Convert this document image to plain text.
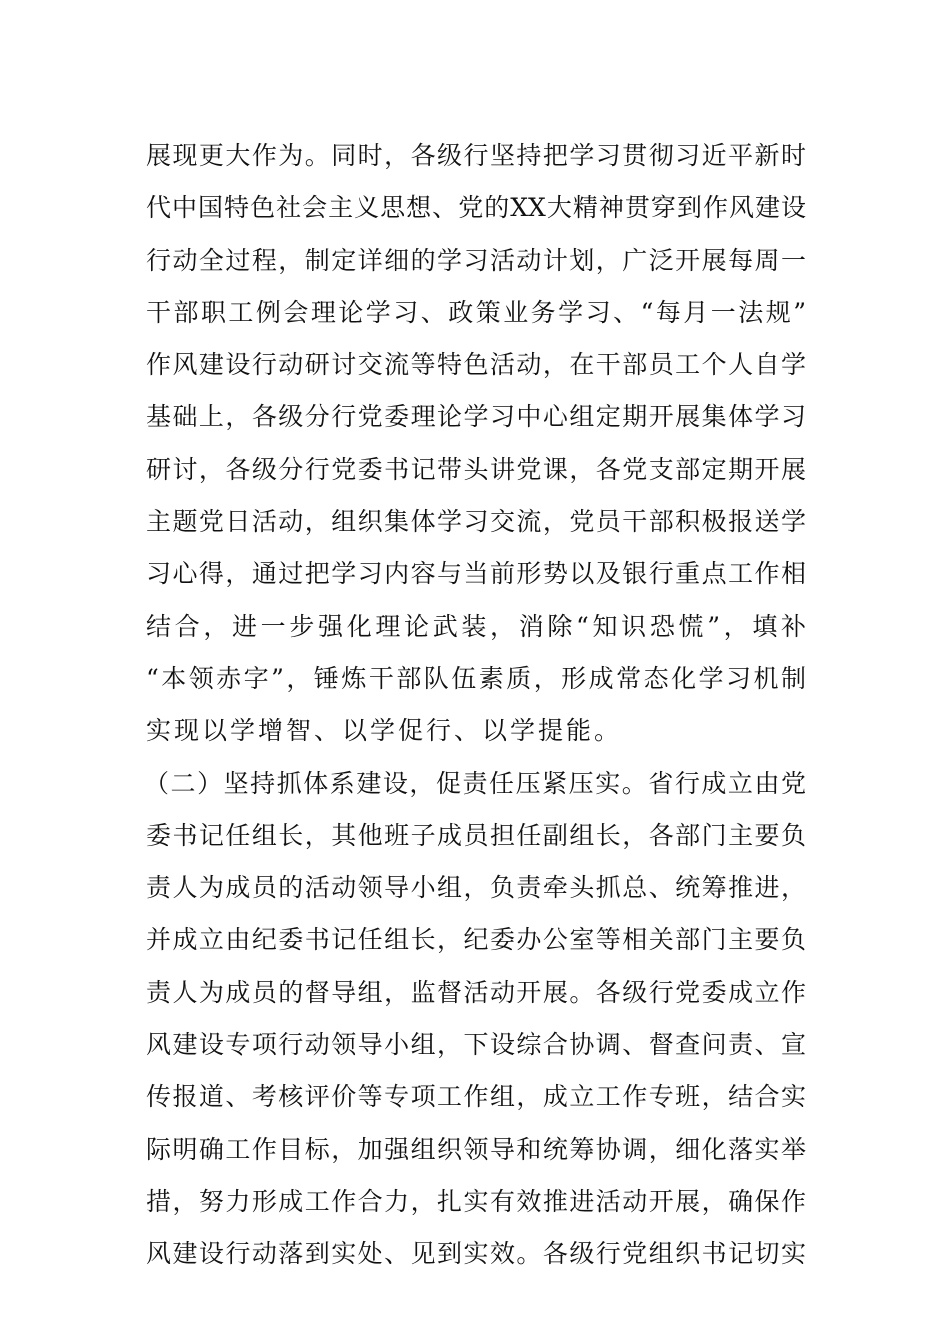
展现更大作为。同时，各级行坚持把学习贯彻习近平新时
代中国特色社会主义思想、党的XX大精神贯穿到作风建设
行动全过程，制定详细的学习活动计划，广泛开展每周一
干部职工例会理论学习、政策业务学习、“每月一法规”
作风建设行动研讨交流等特色活动，在干部员工个人自学
基础上，各级分行党委理论学习中心组定期开展集体学习
研讨，各级分行党委书记带头讲党课，各党支部定期开展
主题党日活动，组织集体学习交流，党员干部积极报送学
习心得，通过把学习内容与当前形势以及银行重点工作相
结合，进一步强化理论武装，消除“知识恐慌”，填补
“本领赤字”，锤炼干部队伍素质，形成常态化学习机制
实现以学增智、以学促行、以学提能。
（二）坚持抓体系建设，促责任压紧压实。省行成立由党
委书记任组长，其他班子成员担任副组长，各部门主要负
责人为成员的活动领导小组，负责牵头抓总、统筹推进，
并成立由纪委书记任组长，纪委办公室等相关部门主要负
责人为成员的督导组，监督活动开展。各级行党委成立作
风建设专项行动领导小组，下设综合协调、督查问责、宣
传报道、考核评价等专项工作组，成立工作专班，结合实
际明确工作目标，加强组织领导和统筹协调，细化落实举
措，努力形成工作合力，扎实有效推进活动开展，确保作
风建设行动落到实处、见到实效。各级行党组织书记切实
